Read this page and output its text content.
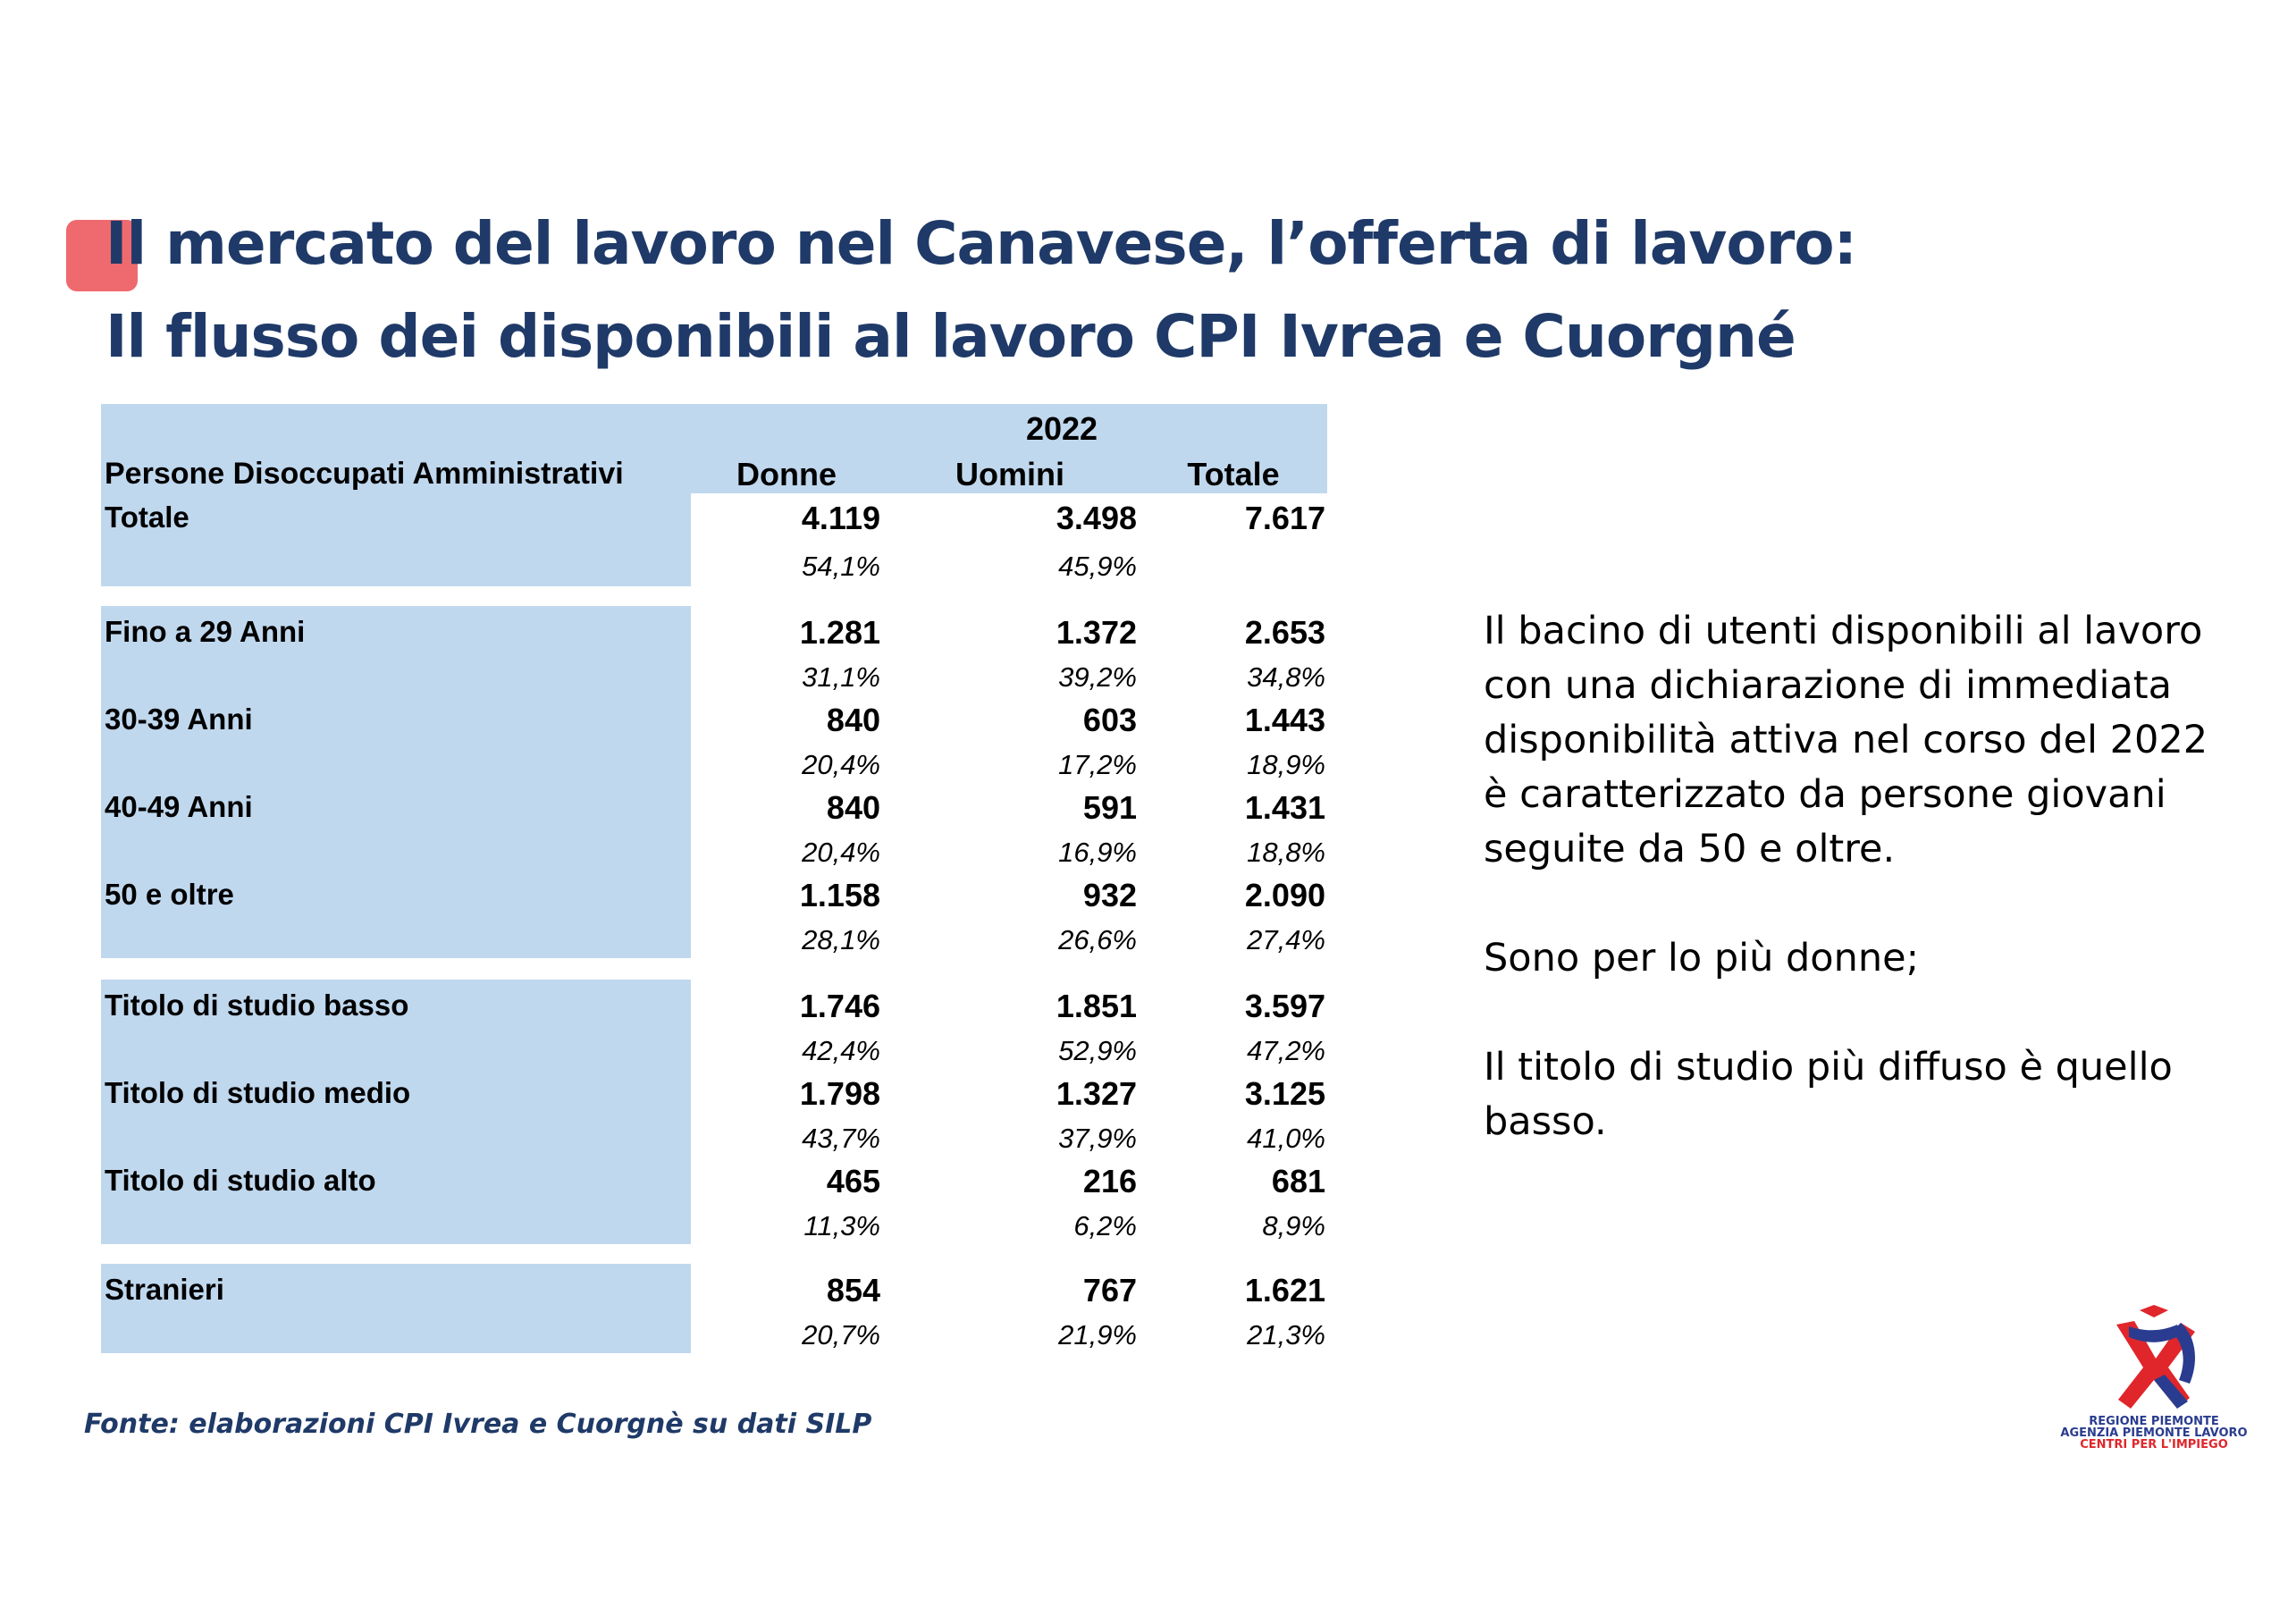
Il mercato del lavoro nel Canavese, l’offerta di lavoro:
Il flusso dei disponibili al lavoro CPI Ivrea e Cuorgné
2022
Persone Disoccupati Amministrativi	Donne	Uomini	Totale
Totale	4.119	3.498	7.617
54,1%	45,9%
Fino a 29 Anni	1.281	1.372	2.653
31,1%	39,2%	34,8%
30-39 Anni	840	603	1.443
20,4%	17,2%	18,9%
40-49 Anni	840	591	1.431
20,4%	16,9%	18,8%
50 e oltre	1.158	932	2.090
28,1%	26,6%	27,4%
Titolo di studio basso	1.746	1.851	3.597
42,4%	52,9%	47,2%
Titolo di studio medio	1.798	1.327	3.125
43,7%	37,9%	41,0%
Titolo di studio alto	465	216	681
11,3%	6,2%	8,9%
Stranieri	854	767	1.621
20,7%	21,9%	21,3%

Il bacino di utenti disponibili al lavoro con una dichiarazione di immediata disponibilità attiva nel corso del 2022 è caratterizzato da persone giovani seguite da 50 e oltre.

Sono per lo più donne;

Il titolo di studio più diffuso è quello basso.

Fonte: elaborazioni CPI Ivrea e Cuorgnè su dati SILP	REGIONE PIEMONTE
AGENZIA PIEMONTE LAVORO
CENTRI PER L'IMPIEGO
